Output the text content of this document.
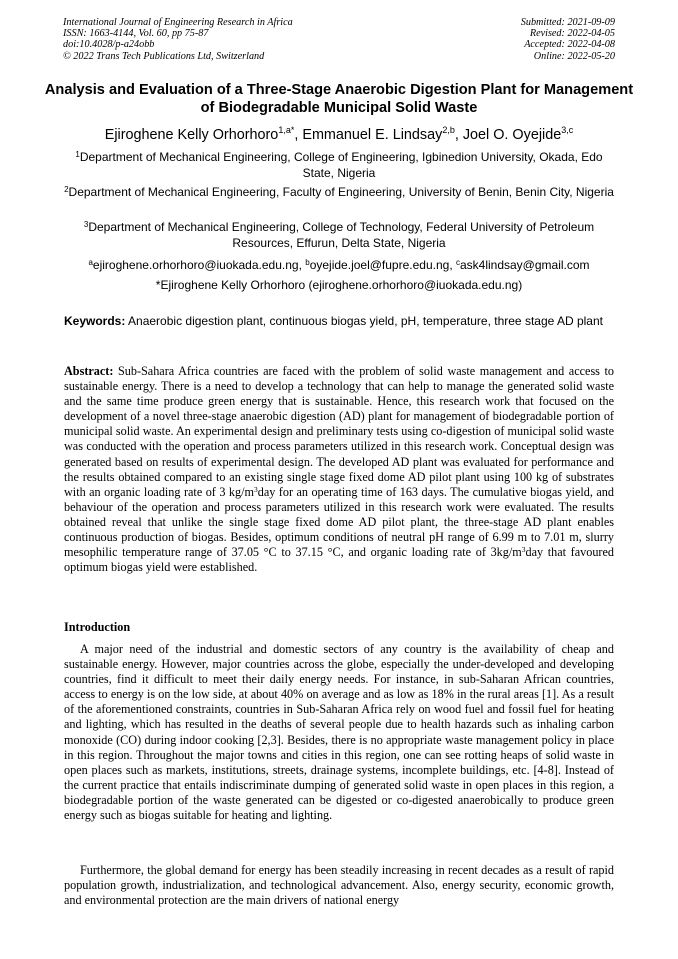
International Journal of Engineering Research in Africa
ISSN: 1663-4144, Vol. 60, pp 75-87
doi:10.4028/p-a24obb
© 2022 Trans Tech Publications Ltd, Switzerland
Submitted: 2021-09-09
Revised: 2022-04-05
Accepted: 2022-04-08
Online: 2022-05-20
Analysis and Evaluation of a Three-Stage Anaerobic Digestion Plant for Management of Biodegradable Municipal Solid Waste

Ejiroghene Kelly Orhorhoro$^{1,a*}$, Emmanuel E. Lindsay$^{2,b}$, Joel O. Oyejide$^{3,c}$

$^1$Department of Mechanical Engineering, College of Engineering, Igbinedion University, Okada, Edo State, Nigeria

$^2$Department of Mechanical Engineering, Faculty of Engineering, University of Benin, Benin City, Nigeria

$^3$Department of Mechanical Engineering, College of Technology, Federal University of Petroleum Resources, Effurun, Delta State, Nigeria

$^a$ejiroghene.orhorhoro@iuokada.edu.ng, $^b$oyejide.joel@fupre.edu.ng, $^c$ask4lindsay@gmail.com

*Ejiroghene Kelly Orhorhoro (ejiroghene.orhorhoro@iuokada.edu.ng)

Keywords: Anaerobic digestion plant, continuous biogas yield, pH, temperature, three stage AD plant

Abstract: Sub-Sahara Africa countries are faced with the problem of solid waste management and access to sustainable energy. There is a need to develop a technology that can help to manage the generated solid waste and the same time produce green energy that is sustainable. Hence, this research work that focused on the development of a novel three-stage anaerobic digestion (AD) plant for management of biodegradable portion of municipal solid waste. An experimental design and preliminary tests using co-digestion of municipal solid waste was conducted with the operation and process parameters utilized in this research work. Conceptual design was generated based on results of experimental design. The developed AD plant was evaluated for performance and the results obtained compared to an existing single stage fixed dome AD pilot plant using 100 kg of substrates with an organic loading rate of 3 $kg/m^3day$ for an operating time of 163 days. The cumulative biogas yield, and behaviour of the operation and process parameters utilized in this research work were evaluated. The results obtained reveal that unlike the single stage fixed dome AD pilot plant, the three-stage AD plant enables continuous production of biogas. Besides, optimum conditions of neutral pH range of 6.99 m to 7.01 m, slurry mesophilic temperature range of 37.05 °C to 37.15 °C, and organic loading rate of $3kg/m^3day$ that favoured optimum biogas yield were established.

Introduction

A major need of the industrial and domestic sectors of any country is the availability of cheap and sustainable energy. However, major countries across the globe, especially the under-developed and developing countries, find it difficult to meet their daily energy needs. For instance, in sub-Saharan African countries, access to energy is on the low side, at about 40% on average and as low as 18% in the rural areas [1]. As a result of the aforementioned constraints, countries in Sub-Saharan Africa rely on wood fuel and fossil fuel for heating and lighting, which has resulted in the deaths of several people due to health hazards such as inhaling carbon monoxide (CO) during indoor cooking [2,3]. Besides, there is no appropriate waste management policy in place in this region. Throughout the major towns and cities in this region, one can see rotting heaps of solid waste in open places such as markets, institutions, streets, drainage systems, incomplete buildings, etc. [4-8]. Instead of the current practice that entails indiscriminate dumping of generated solid waste in open places in this region, a biodegradable portion of the waste generated can be digested or co-digested anaerobically to produce green energy such as biogas suitable for heating and lighting.

Furthermore, the global demand for energy has been steadily increasing in recent decades as a result of rapid population growth, industrialization, and technological advancement. Also, energy security, economic growth, and environmental protection are the main drivers of national energy
